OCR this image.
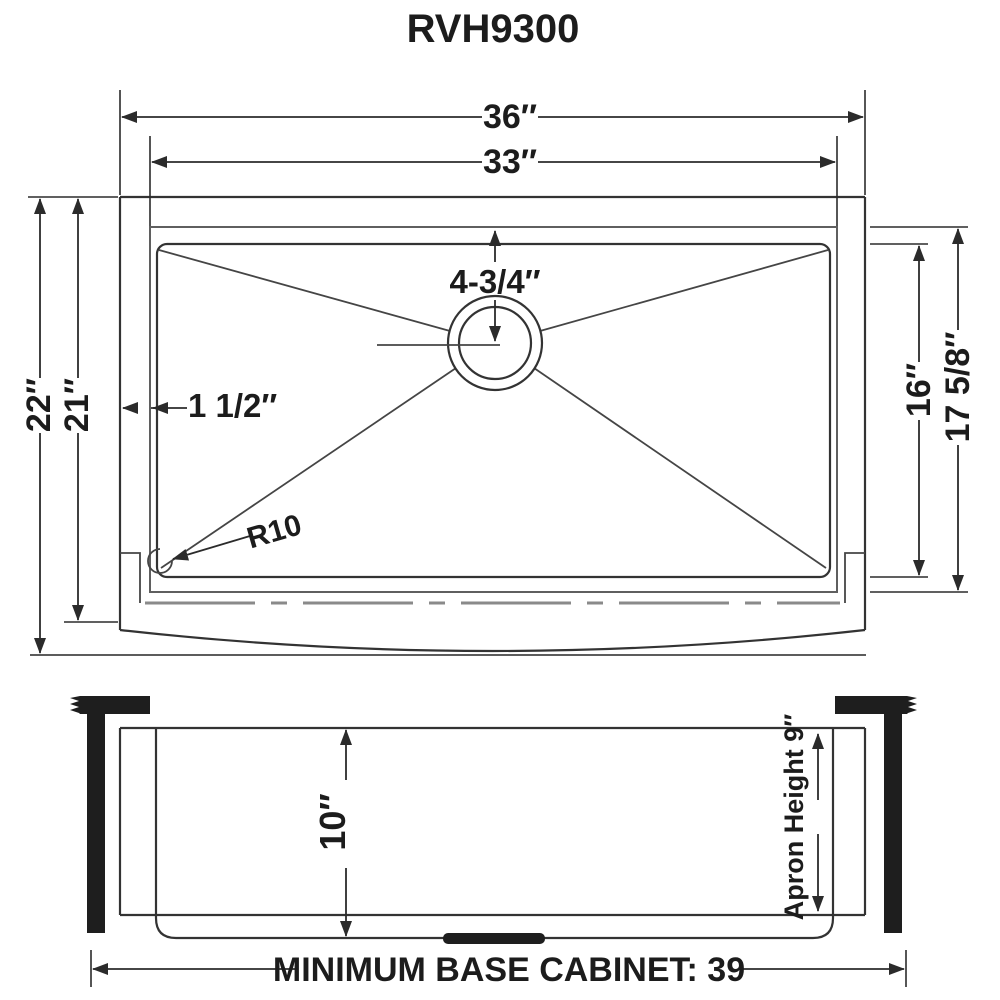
RVH9300
36″
33″
22″ 21″	16″ 17 5/8″
1 1/2″
4-3/4″
R10
10″	Apron Height 9″
MINIMUM BASE CABINET: 39
